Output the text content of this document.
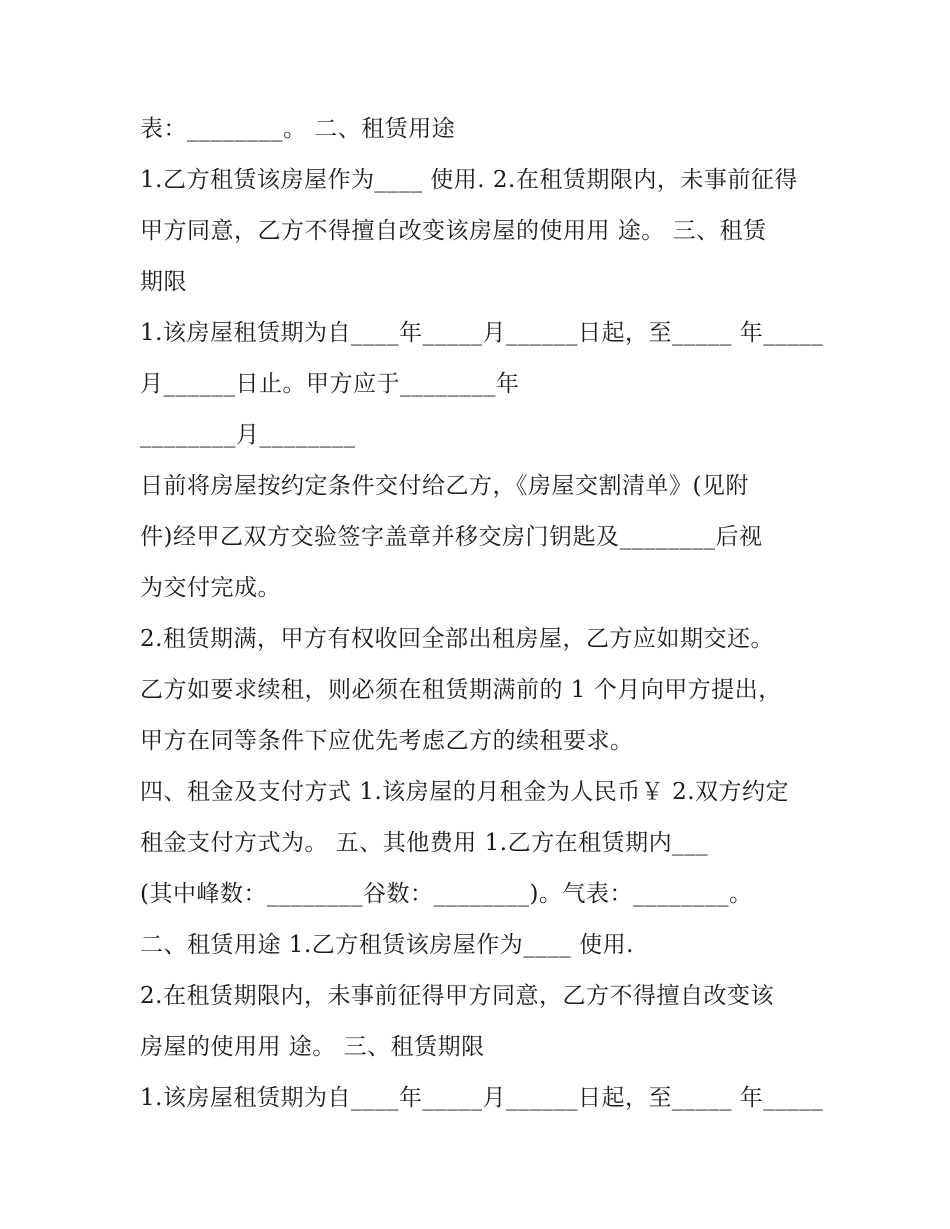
表：________。 二、租赁用途
1.乙方租赁该房屋作为____ 使用. 2.在租赁期限内，未事前征得
甲方同意，乙方不得擅自改变该房屋的使用用 途。 三、租赁
期限
1.该房屋租赁期为自____年_____月______日起，至_____ 年_____
月______日止。甲方应于________年
________月________
日前将房屋按约定条件交付给乙方，《房屋交割清单》(见附
件)经甲乙双方交验签字盖章并移交房门钥匙及________后视
为交付完成。
2.租赁期满，甲方有权收回全部出租房屋，乙方应如期交还。
乙方如要求续租，则必须在租赁期满前的 1 个月向甲方提出，
甲方在同等条件下应优先考虑乙方的续租要求。
四、租金及支付方式 1.该房屋的月租金为人民币￥ 2.双方约定
租金支付方式为。 五、其他费用 1.乙方在租赁期内___
(其中峰数：________谷数：________)。气表：________。
二、租赁用途 1.乙方租赁该房屋作为____ 使用.
2.在租赁期限内，未事前征得甲方同意，乙方不得擅自改变该
房屋的使用用 途。 三、租赁期限
1.该房屋租赁期为自____年_____月______日起，至_____ 年_____
